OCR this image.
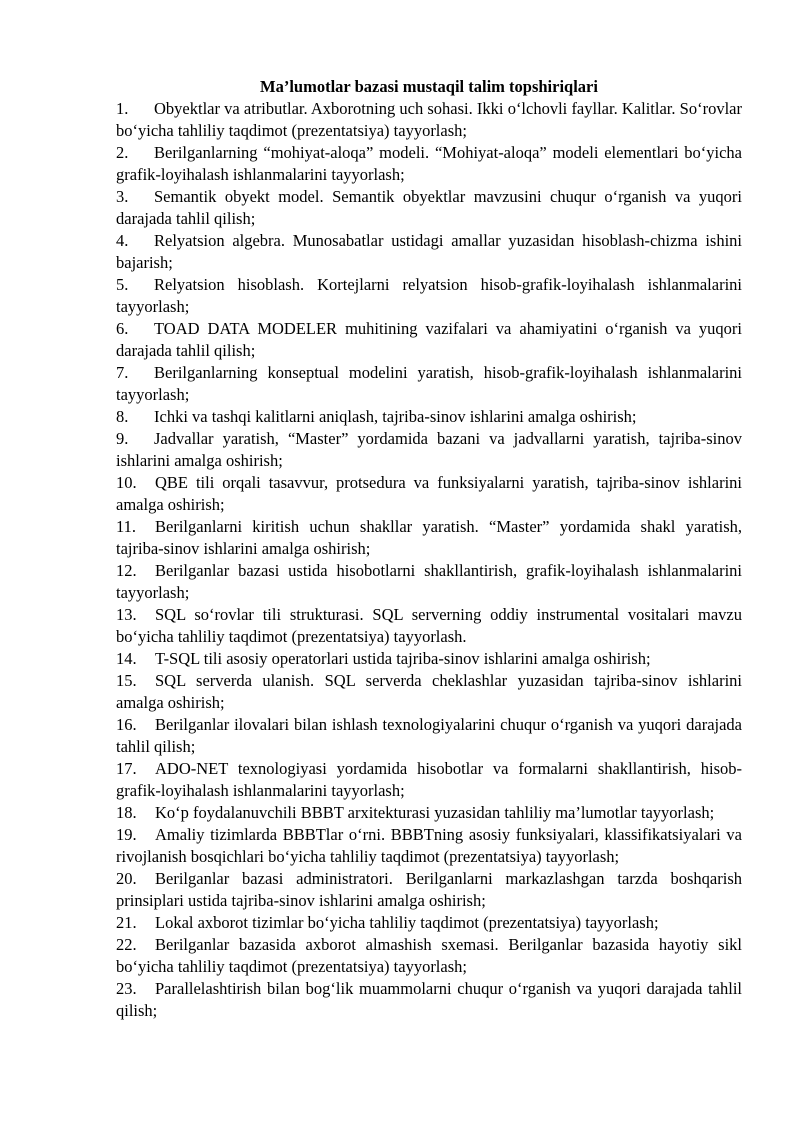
Ma’lumotlar bazasi mustaqil talim topshiriqlari

1. Obyektlar va atributlar. Axborotning uch sohasi. Ikki o‘lchovli fayllar. Kalitlar. So‘rovlar bo‘yicha tahliliy taqdimot (prezentatsiya) tayyorlash;
2. Berilganlarning “mohiyat-aloqa” modeli. “Mohiyat-aloqa” modeli elementlari bo‘yicha grafik-loyihalash ishlanmalarini tayyorlash;
3. Semantik obyekt model. Semantik obyektlar mavzusini chuqur o‘rganish va yuqori darajada tahlil qilish;
4. Relyatsion algebra. Munosabatlar ustidagi amallar yuzasidan hisoblash-chizma ishini bajarish;
5. Relyatsion hisoblash. Kortejlarni relyatsion hisob-grafik-loyihalash ishlanmalarini tayyorlash;
6. TOAD DATA MODELER muhitining vazifalari va ahamiyatini o‘rganish va yuqori darajada tahlil qilish;
7. Berilganlarning konseptual modelini yaratish, hisob-grafik-loyihalash ishlanmalarini tayyorlash;
8. Ichki va tashqi kalitlarni aniqlash, tajriba-sinov ishlarini amalga oshirish;
9. Jadvallar yaratish, “Master” yordamida bazani va jadvallarni yaratish, tajriba-sinov ishlarini amalga oshirish;
10. QBE tili orqali tasavvur, protsedura va funksiyalarni yaratish, tajriba-sinov ishlarini amalga oshirish;
11. Berilganlarni kiritish uchun shakllar yaratish. “Master” yordamida shakl yaratish, tajriba-sinov ishlarini amalga oshirish;
12. Berilganlar bazasi ustida hisobotlarni shakllantirish, grafik-loyihalash ishlanmalarini tayyorlash;
13. SQL so‘rovlar tili strukturasi. SQL serverning oddiy instrumental vositalari mavzu bo‘yicha tahliliy taqdimot (prezentatsiya) tayyorlash.
14. T-SQL tili asosiy operatorlari ustida tajriba-sinov ishlarini amalga oshirish;
15. SQL serverda ulanish. SQL serverda cheklashlar yuzasidan tajriba-sinov ishlarini amalga oshirish;
16. Berilganlar ilovalari bilan ishlash texnologiyalarini chuqur o‘rganish va yuqori darajada tahlil qilish;
17. ADO-NET texnologiyasi yordamida hisobotlar va formalarni shakllantirish, hisob-grafik-loyihalash ishlanmalarini tayyorlash;
18. Ko‘p foydalanuvchili BBBT arxitekturasi yuzasidan tahliliy ma’lumotlar tayyorlash;
19. Amaliy tizimlarda BBBTlar o‘rni. BBBTning asosiy funksiyalari, klassifikatsiyalari va rivojlanish bosqichlari bo‘yicha tahliliy taqdimot (prezentatsiya) tayyorlash;
20. Berilganlar bazasi administratori. Berilganlarni markazlashgan tarzda boshqarish prinsiplari ustida tajriba-sinov ishlarini amalga oshirish;
21. Lokal axborot tizimlar bo‘yicha tahliliy taqdimot (prezentatsiya) tayyorlash;
22. Berilganlar bazasida axborot almashish sxemasi. Berilganlar bazasida hayotiy sikl bo‘yicha tahliliy taqdimot (prezentatsiya) tayyorlash;
23. Parallelashtirish bilan bog‘lik muammolarni chuqur o‘rganish va yuqori darajada tahlil qilish;
